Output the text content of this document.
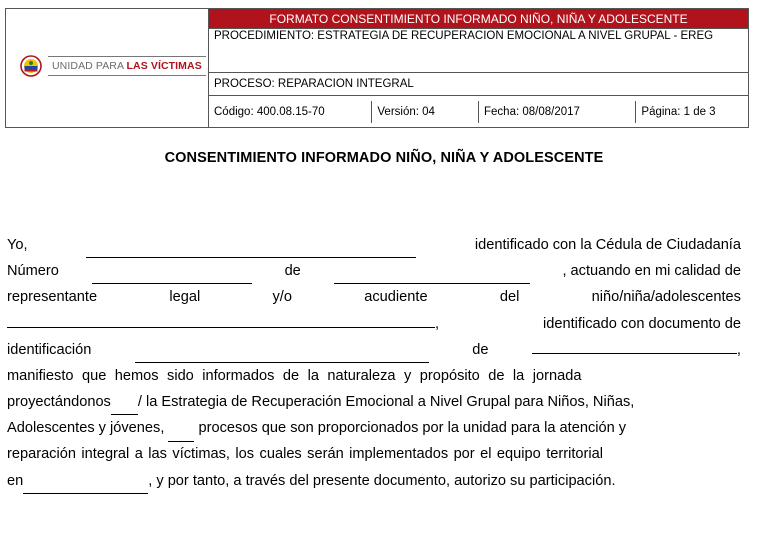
UNIDAD PARA LAS VÍCTIMAS
	FORMATO CONSENTIMIENTO INFORMADO NIÑO, NIÑA Y ADOLESCENTE
PROCEDIMIENTO: ESTRATEGIA DE RECUPERACION EMOCIONAL A NIVEL GRUPAL - EREG
PROCESO: REPARACION INTEGRAL

Código: 400.08.15-70	Versión: 04	Fecha: 08/08/2017	Página: 1 de 3
CONSENTIMIENTO INFORMADO NIÑO, NIÑA Y ADOLESCENTE
Yo,	identificado con la Cédula de Ciudadanía
Número	de	, actuando en mi calidad de
representante	legal	y/o	acudiente	del	niño/niña/adolescentes
,	identificado con documento de
identificación	de	,
manifiesto que hemos sido informados de la naturaleza y propósito de la jornada
proyectándonos / la Estrategia de Recuperación Emocional a Nivel Grupal para Niños, Niñas,
Adolescentes y jóvenes,

procesos que son proporcionados por la unidad para la atención y
reparación integral a las víctimas, los cuales serán implementados por el equipo territorial
en	, y por tanto, a través del presente documento, autorizo su participación.
